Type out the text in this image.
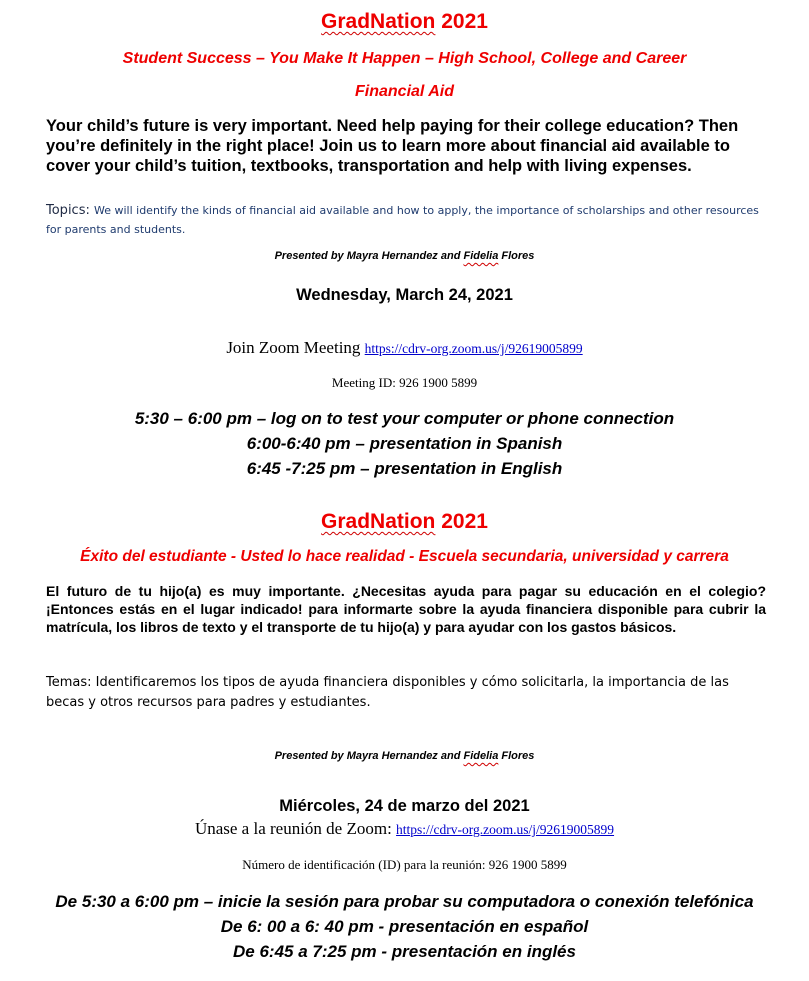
GradNation 2021
Student Success – You Make It Happen – High School, College and Career
Financial Aid
Your child’s future is very important. Need help paying for their college education? Then you’re definitely in the right place! Join us to learn more about financial aid available to cover your child’s tuition, textbooks, transportation and help with living expenses.
Topics: We will identify the kinds of financial aid available and how to apply, the importance of scholarships and other resources for parents and students.
Presented by Mayra Hernandez and Fidelia Flores
Wednesday, March 24, 2021
Join Zoom Meeting https://cdrv-org.zoom.us/j/92619005899
Meeting ID: 926 1900 5899
5:30 – 6:00 pm – log on to test your computer or phone connection
6:00-6:40 pm – presentation in Spanish
6:45 -7:25 pm – presentation in English
GradNation 2021
Éxito del estudiante - Usted lo hace realidad - Escuela secundaria, universidad y carrera
El futuro de tu hijo(a) es muy importante. ¿Necesitas ayuda para pagar su educación en el colegio? ¡Entonces estás en el lugar indicado! para informarte sobre la ayuda financiera disponible para cubrir la matrícula, los libros de texto y el transporte de tu hijo(a) y para ayudar con los gastos básicos.
Temas: Identificaremos los tipos de ayuda financiera disponibles y cómo solicitarla, la importancia de las becas y otros recursos para padres y estudiantes.
Presented by Mayra Hernandez and Fidelia Flores
Miércoles, 24 de marzo del 2021
Únase a la reunión de Zoom: https://cdrv-org.zoom.us/j/92619005899
Número de identificación (ID) para la reunión: 926 1900 5899
De 5:30 a 6:00 pm – inicie la sesión para probar su computadora o conexión telefónica
De 6: 00 a 6: 40 pm - presentación en español
De 6:45 a 7:25 pm - presentación en inglés
